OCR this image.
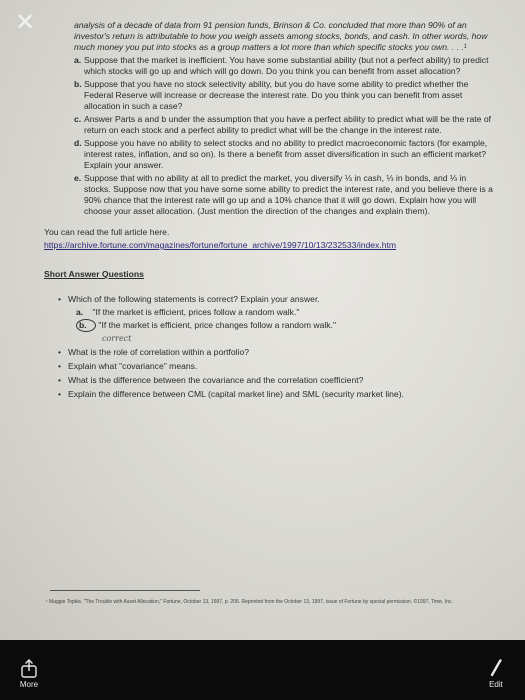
analysis of a decade of data from 91 pension funds, Brinson & Co. concluded that more than 90% of an investor's return is attributable to how you weigh assets among stocks, bonds, and cash. In other words, how much money you put into stocks as a group matters a lot more than which specific stocks you own. . . .¹

a. Suppose that the market is inefficient. You have some substantial ability (but not a perfect ability) to predict which stocks will go up and which will go down. Do you think you can benefit from asset allocation?
b. Suppose that you have no stock selectivity ability, but you do have some ability to predict whether the Federal Reserve will increase or decrease the interest rate. Do you think you can benefit from asset allocation in such a case?
c. Answer Parts a and b under the assumption that you have a perfect ability to predict what will be the rate of return on each stock and a perfect ability to predict what will be the change in the interest rate.
d. Suppose you have no ability to select stocks and no ability to predict macroeconomic factors (for example, interest rates, inflation, and so on). Is there a benefit from asset diversification in such an efficient market? Explain your answer.
e. Suppose that with no ability at all to predict the market, you diversify ⅓ in cash, ⅓ in bonds, and ⅓ in stocks. Suppose now that you have some some ability to predict the interest rate, and you believe there is a 90% chance that the interest rate will go up and a 10% chance that it will go down. Explain how you will choose your asset allocation. (Just mention the direction of the changes and explain them).
You can read the full article here.
https://archive.fortune.com/magazines/fortune/fortune_archive/1997/10/13/232533/index.htm
Short Answer Questions
• Which of the following statements is correct? Explain your answer.
a. "If the market is efficient, prices follow a random walk."
b. "If the market is efficient, price changes follow a random walk."
correct
• What is the role of correlation within a portfolio?
• Explain what "covariance" means.
• What is the difference between the covariance and the correlation coefficient?
• Explain the difference between CML (capital market line) and SML (security market line).
¹ Maggie Topkis, "The Trouble with Asset Allocation," Fortune, October 13, 1997, p. 206. Reprinted from the October 13, 1997, issue of Fortune by special permission. ©1997, Time, Inc.
✕
More	Edit
